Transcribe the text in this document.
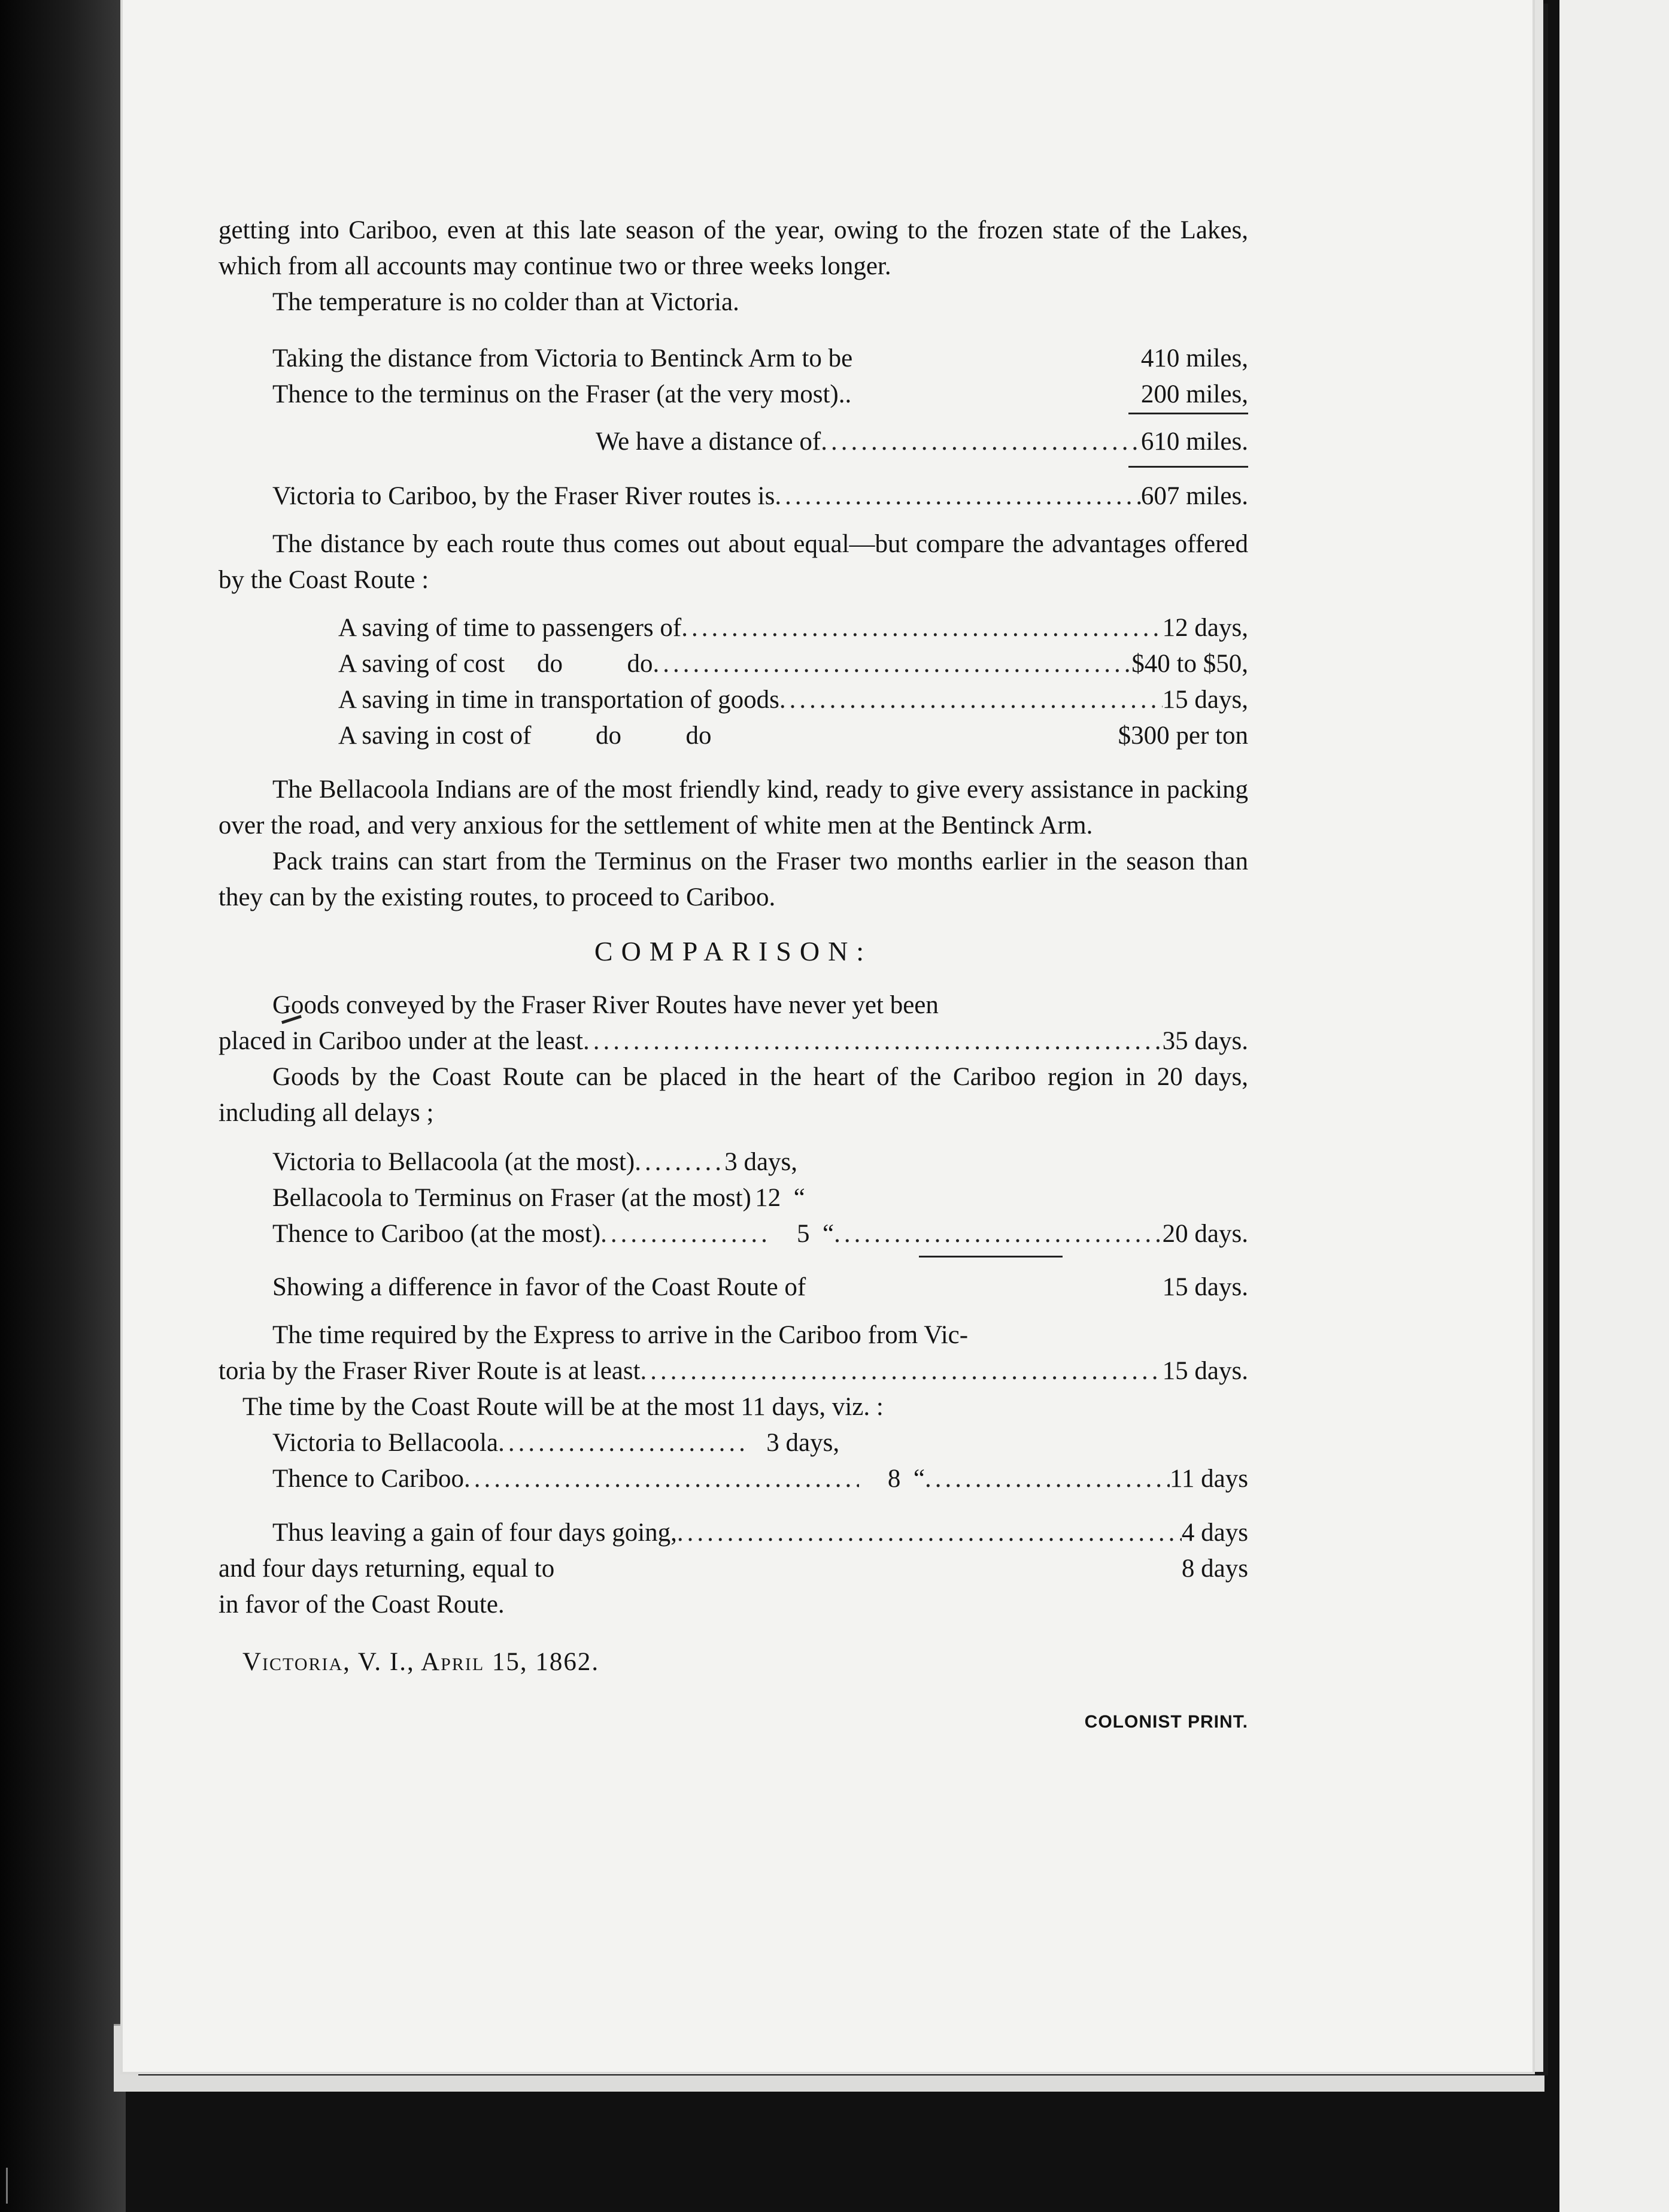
getting into Cariboo, even at this late season of the year, owing to the frozen state of the Lakes, which from all accounts may continue two or three weeks longer.

The temperature is no colder than at Victoria.

Taking the distance from Victoria to Bentinck Arm to be	410 miles,
Thence to the terminus on the Fraser (at the very most)..	200 miles,
We have a distance of .....	610 miles.
Victoria to Cariboo, by the Fraser River routes is .....	607 miles.

The distance by each route thus comes out about equal—but compare the advantages offered by the Coast Route :

A saving of time to passengers of .....	12 days,
A saving of cost     do          do .....	$40 to $50,
A saving in time in transportation of goods .....	15 days,
A saving in cost of          do          do	$300 per ton

The Bellacoola Indians are of the most friendly kind, ready to give every assistance in packing over the road, and very anxious for the settlement of white men at the Bentinck Arm.

Pack trains can start from the Terminus on the Fraser two months earlier in the season than they can by the existing routes, to proceed to Cariboo.

COMPARISON:
Goods conveyed by the Fraser River Routes have never yet been
placed in Cariboo under at the least .....	35 days.

Goods by the Coast Route can be placed in the heart of the Cariboo region in 20 days, including all delays ;

Victoria to Bellacoola (at the most) .....	3 days,
Bellacoola to Terminus on Fraser (at the most) 12  “
Thence to Cariboo (at the most) .....	5  “ .....	20 days.
Showing a difference in favor of the Coast Route of	15 days.
The time required by the Express to arrive in the Cariboo from Vic-
toria by the Fraser River Route is at least .....	15 days.
The time by the Coast Route will be at the most 11 days, viz. :
Victoria to Bellacoola .....	3 days,
Thence to Cariboo .....	8  “ .....	11 days
Thus leaving a gain of four days going, .....	4 days
and four days returning, equal to	8 days
in favor of the Coast Route.
Victoria, V. I., April 15, 1862.
COLONIST PRINT.
